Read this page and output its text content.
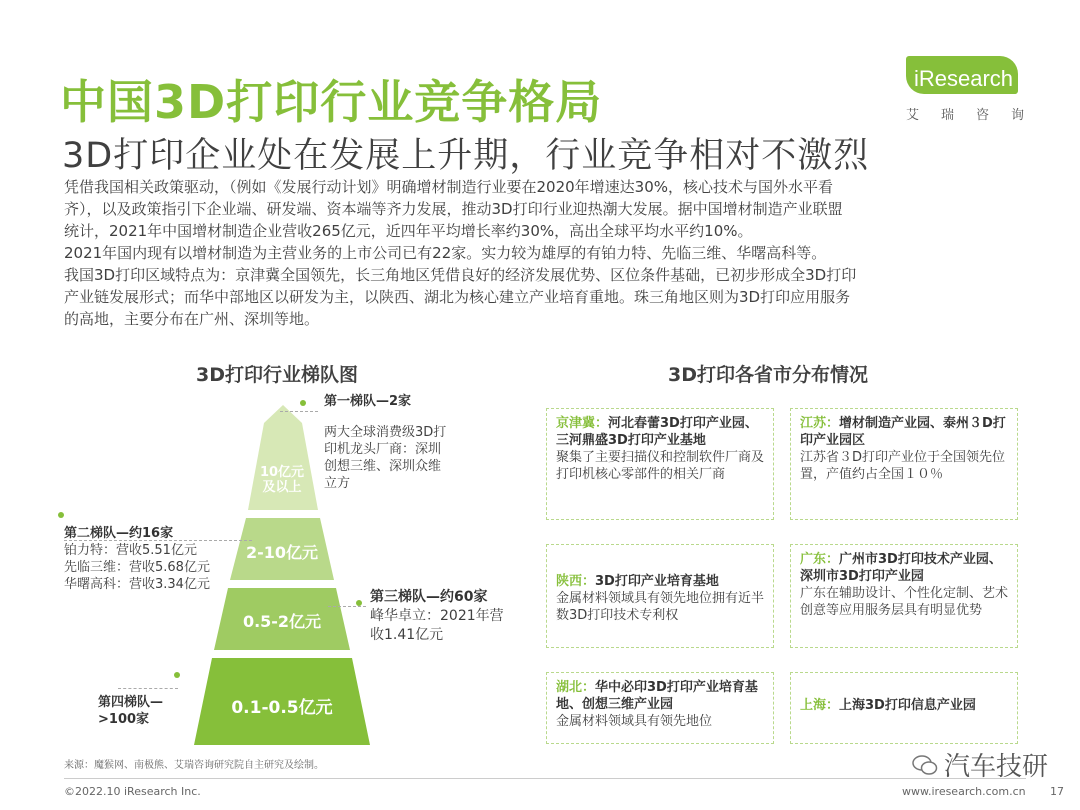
中国3D打印行业竞争格局
3D打印企业处在发展上升期，行业竞争相对不激烈
iResearch
艾 瑞 咨 询

凭借我国相关政策驱动，（例如《发展行动计划》明确增材制造行业要在2020年增速达30%，核心技术与国外水平看

齐），以及政策指引下企业端、研发端、资本端等齐力发展，推动3D打印行业迎热潮大发展。据中国增材制造产业联盟

统计，2021年中国增材制造企业营收265亿元，近四年平均增长率约30%，高出全球平均水平约10%。

2021年国内现有以增材制造为主营业务的上市公司已有22家。实力较为雄厚的有铂力特、先临三维、华曙高科等。

我国3D打印区域特点为：京津冀全国领先，长三角地区凭借良好的经济发展优势、区位条件基础，已初步形成全3D打印

产业链发展形式；而华中部地区以研发为主，以陕西、湖北为核心建立产业培育重地。珠三角地区则为3D打印应用服务

的高地，主要分布在广州、深圳等地。

3D打印行业梯队图
10亿元
及以上
2-10亿元
0.5-2亿元
0.1-0.5亿元
第一梯队—2家
两大全球消费级3D打
印机龙头厂商：深圳
创想三维、深圳众维
立方
第二梯队—约16家
铂力特：营收5.51亿元
先临三维：营收5.68亿元
华曙高科：营收3.34亿元
第三梯队—约60家
峰华卓立：2021年营
收1.41亿元
第四梯队—
>100家
3D打印各省市分布情况
京津冀：河北春蕾3D打印产业园、三河鼎盛3D打印产业基地
聚集了主要扫描仪和控制软件厂商及打印机核心零部件的相关厂商
江苏：增材制造产业园、泰州３D打印产业园区
江苏省３D打印产业位于全国领先位置，产值约占全国１０％
陕西：3D打印产业培育基地
金属材料领域具有领先地位拥有近半数3D打印技术专利权
广东：广州市3D打印技术产业园、深圳市3D打印产业园
广东在辅助设计、个性化定制、艺术创意等应用服务层具有明显优势
湖北：华中必印3D打印产业培育基地、创想三维产业园
金属材料领域具有领先地位
上海：上海3D打印信息产业园
汽车技研
来源：魔猴网、南极熊、艾瑞咨询研究院自主研究及绘制。
©2022.10 iResearch Inc.	www.iresearch.com.cn 17
